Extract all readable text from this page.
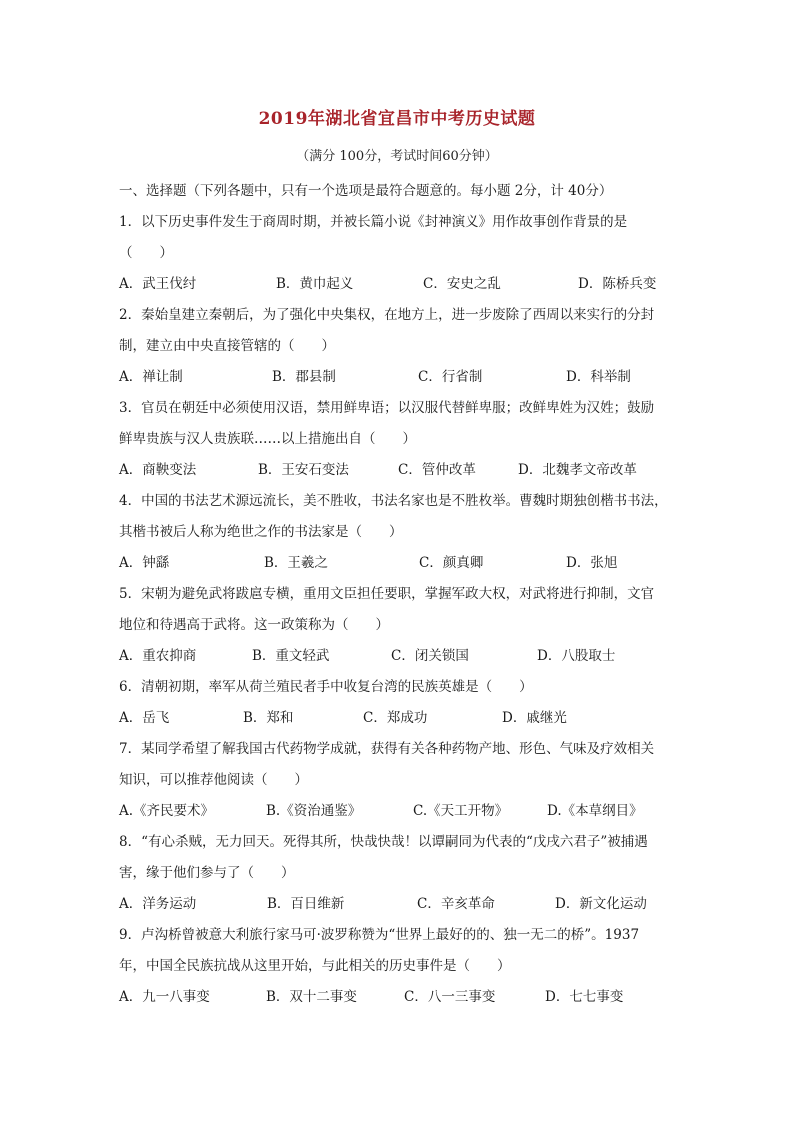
2019年湖北省宜昌市中考历史试题
（满分 100分，考试时间60分钟）
一、选择题（下列各题中，只有一个选项是最符合题意的。每小题 2分，计 40分）
1．以下历史事件发生于商周时期，并被长篇小说《封神演义》用作故事创作背景的是
（　　）
A．武王伐纣	B．黄巾起义	C．安史之乱	D．陈桥兵变
2．秦始皇建立秦朝后，为了强化中央集权，在地方上，进一步废除了西周以来实行的分封
制，建立由中央直接管辖的（　　）
A．禅让制	B．郡县制	C．行省制	D．科举制
3．官员在朝廷中必须使用汉语，禁用鲜卑语；以汉服代替鲜卑服；改鲜卑姓为汉姓；鼓励
鲜卑贵族与汉人贵族联……以上措施出自（　　）
A．商鞅变法	B．王安石变法	C．管仲改革	D．北魏孝文帝改革
4．中国的书法艺术源远流长，美不胜收，书法名家也是不胜枚举。曹魏时期独创楷书书法，
其楷书被后人称为绝世之作的书法家是（　　）
A．钟繇	B．王羲之	C．颜真卿	D．张旭
5．宋朝为避免武将跋扈专横，重用文臣担任要职，掌握军政大权，对武将进行抑制，文官
地位和待遇高于武将。这一政策称为（　　）
A．重农抑商	B．重文轻武	C．闭关锁国	D．八股取士
6．清朝初期，率军从荷兰殖民者手中收复台湾的民族英雄是（　　）
A．岳飞	B．郑和	C．郑成功	D．戚继光
7．某同学希望了解我国古代药物学成就，获得有关各种药物产地、形色、气味及疗效相关
知识，可以推荐他阅读（　　）
A.《齐民要术》	B.《资治通鉴》	C.《天工开物》	D.《本草纲目》
8．“有心杀贼，无力回天。死得其所，快哉快哉！以谭嗣同为代表的“戊戌六君子”被捕遇
害，缘于他们参与了（　　）
A．洋务运动	B．百日维新	C．辛亥革命	D．新文化运动
9．卢沟桥曾被意大利旅行家马可·波罗称赞为“世界上最好的的、独一无二的桥”。1937
年，中国全民族抗战从这里开始，与此相关的历史事件是（　　）
A．九一八事变	B．双十二事变	C．八一三事变	D．七七事变
